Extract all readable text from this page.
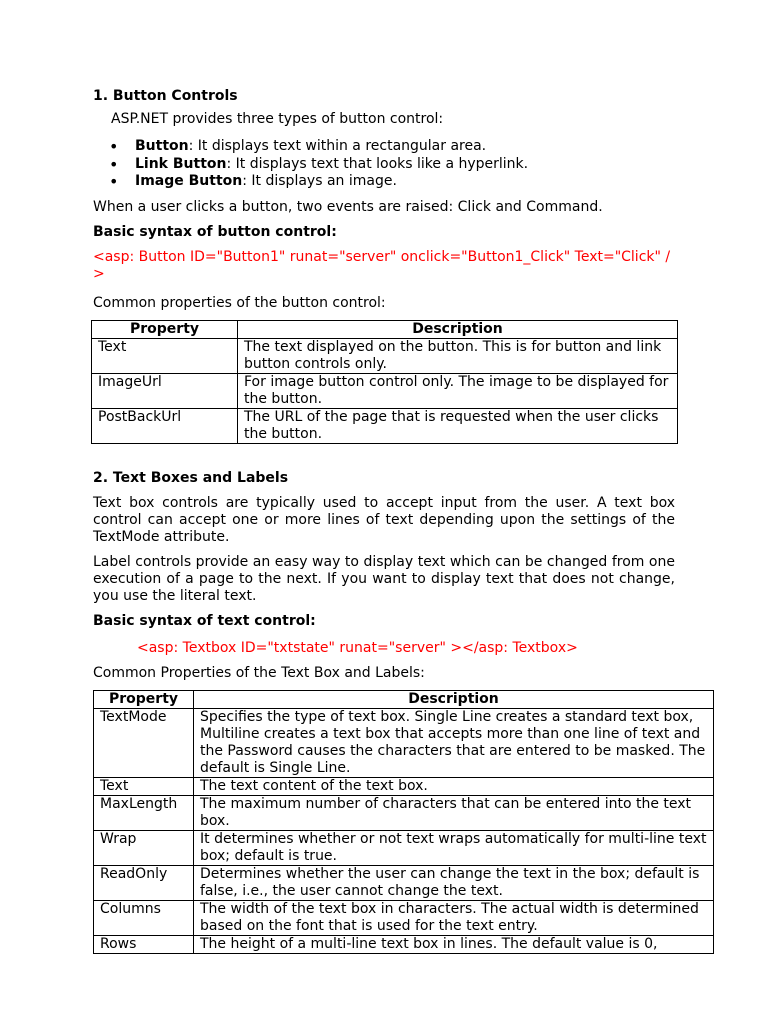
1. Button Controls

ASP.NET provides three types of button control:

• Button: It displays text within a rectangular area.
• Link Button: It displays text that looks like a hyperlink.
• Image Button: It displays an image.

When a user clicks a button, two events are raised: Click and Command.

Basic syntax of button control:

<asp: Button ID="Button1" runat="server" onclick="Button1_Click" Text="Click" / >

Common properties of the button control:

Property	Description
Text	The text displayed on the button. This is for button and link button controls only.
ImageUrl	For image button control only. The image to be displayed for the button.
PostBackUrl	The URL of the page that is requested when the user clicks the button.
2. Text Boxes and Labels

Text box controls are typically used to accept input from the user. A text box control can accept one or more lines of text depending upon the settings of the TextMode attribute.

Label controls provide an easy way to display text which can be changed from one execution of a page to the next. If you want to display text that does not change, you use the literal text.

Basic syntax of text control:

<asp: Textbox ID="txtstate" runat="server" ></asp: Textbox>

Common Properties of the Text Box and Labels:

Property	Description
TextMode	Specifies the type of text box. Single Line creates a standard text box, Multiline creates a text box that accepts more than one line of text and the Password causes the characters that are entered to be masked. The default is Single Line.
Text	The text content of the text box.
MaxLength	The maximum number of characters that can be entered into the text box.
Wrap	It determines whether or not text wraps automatically for multi-line text box; default is true.
ReadOnly	Determines whether the user can change the text in the box; default is false, i.e., the user cannot change the text.
Columns	The width of the text box in characters. The actual width is determined based on the font that is used for the text entry.
Rows	The height of a multi-line text box in lines. The default value is 0,
